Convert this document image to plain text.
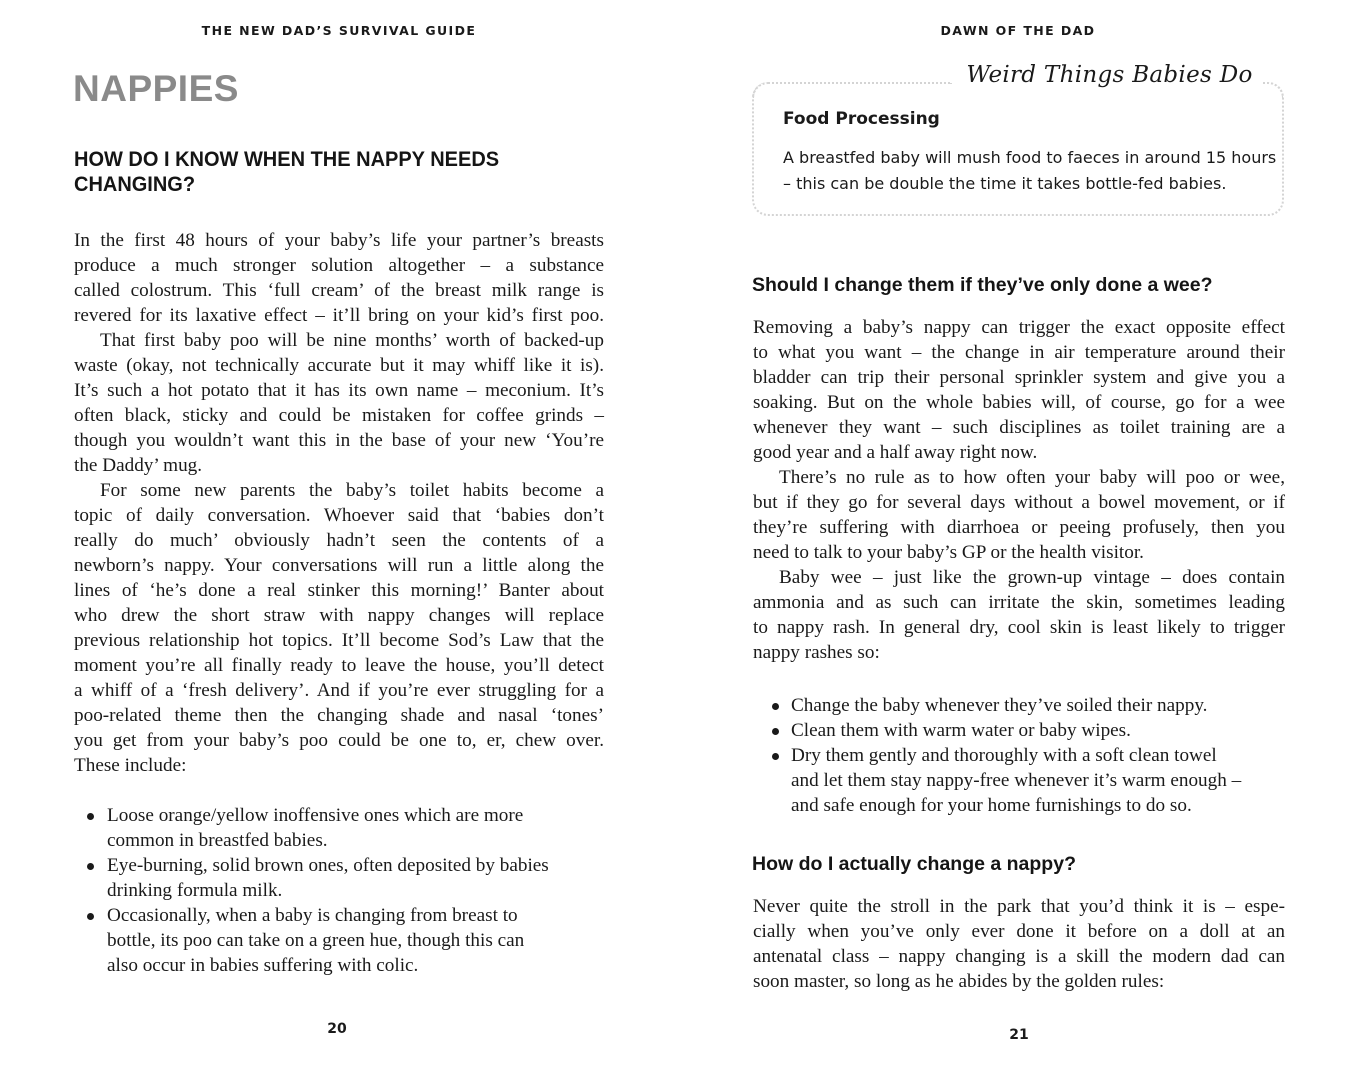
THE NEW DAD’S SURVIVAL GUIDE
NAPPIES
HOW DO I KNOW WHEN THE NAPPY NEEDS
CHANGING?
In the first 48 hours of your baby’s life your partner’s breasts
produce a much stronger solution altogether – a substance
called colostrum. This ‘full cream’ of the breast milk range is
revered for its laxative effect – it’ll bring on your kid’s first poo.
That first baby poo will be nine months’ worth of backed-up
waste (okay, not technically accurate but it may whiff like it is).
It’s such a hot potato that it has its own name – meconium. It’s
often black, sticky and could be mistaken for coffee grinds –
though you wouldn’t want this in the base of your new ‘You’re
the Daddy’ mug.
For some new parents the baby’s toilet habits become a
topic of daily conversation. Whoever said that ‘babies don’t
really do much’ obviously hadn’t seen the contents of a
newborn’s nappy. Your conversations will run a little along the
lines of ‘he’s done a real stinker this morning!’ Banter about
who drew the short straw with nappy changes will replace
previous relationship hot topics. It’ll become Sod’s Law that the
moment you’re all finally ready to leave the house, you’ll detect
a whiff of a ‘fresh delivery’. And if you’re ever struggling for a
poo-related theme then the changing shade and nasal ‘tones’
you get from your baby’s poo could be one to, er, chew over.
These include:
Loose orange/yellow inoffensive ones which are more
common in breastfed babies.
Eye-burning, solid brown ones, often deposited by babies
drinking formula milk.
Occasionally, when a baby is changing from breast to
bottle, its poo can take on a green hue, though this can
also occur in babies suffering with colic.
20
DAWN OF THE DAD
Weird Things Babies Do
Food Processing
A breastfed baby will mush food to faeces in around 15 hours
– this can be double the time it takes bottle-fed babies.
Should I change them if they’ve only done a wee?
Removing a baby’s nappy can trigger the exact opposite effect
to what you want – the change in air temperature around their
bladder can trip their personal sprinkler system and give you a
soaking. But on the whole babies will, of course, go for a wee
whenever they want – such disciplines as toilet training are a
good year and a half away right now.
There’s no rule as to how often your baby will poo or wee,
but if they go for several days without a bowel movement, or if
they’re suffering with diarrhoea or peeing profusely, then you
need to talk to your baby’s GP or the health visitor.
Baby wee – just like the grown-up vintage – does contain
ammonia and as such can irritate the skin, sometimes leading
to nappy rash. In general dry, cool skin is least likely to trigger
nappy rashes so:
Change the baby whenever they’ve soiled their nappy.
Clean them with warm water or baby wipes.
Dry them gently and thoroughly with a soft clean towel
and let them stay nappy-free whenever it’s warm enough –
and safe enough for your home furnishings to do so.
How do I actually change a nappy?
Never quite the stroll in the park that you’d think it is – espe-
cially when you’ve only ever done it before on a doll at an
antenatal class – nappy changing is a skill the modern dad can
soon master, so long as he abides by the golden rules:
21
